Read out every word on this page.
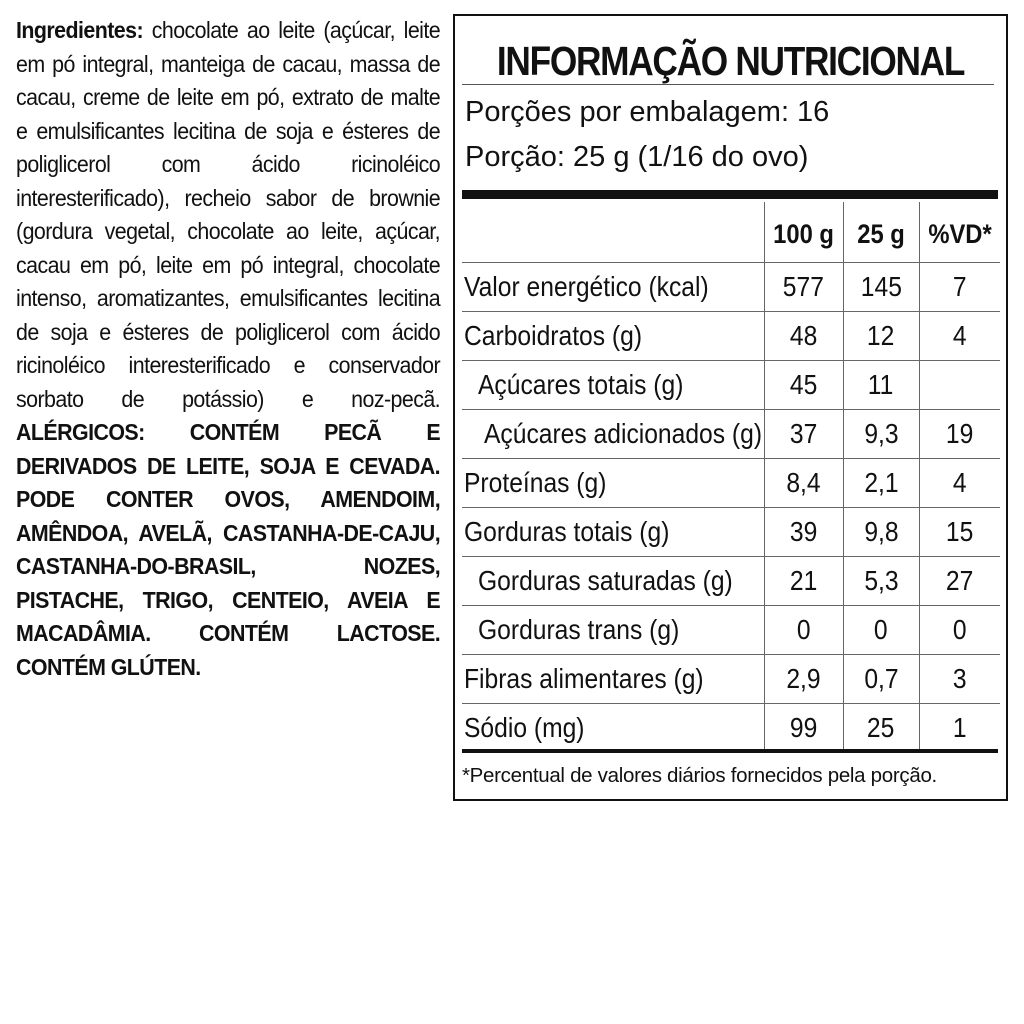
Ingredientes: chocolate ao leite (açúcar, leite em pó integral, manteiga de cacau, massa de cacau, creme de leite em pó, extrato de malte e emulsificantes lecitina de soja e ésteres de poliglicerol com ácido ricinoléico interesterificado), recheio sabor de brownie (gordura vegetal, chocolate ao leite, açúcar, cacau em pó, leite em pó integral, chocolate intenso, aromatizantes, emulsificantes lecitina de soja e ésteres de poliglicerol com ácido ricinoléico interesterificado e conservador sorbato de potássio) e noz-pecã. ALÉRGICOS: CONTÉM PECÃ E DERIVADOS DE LEITE, SOJA E CEVADA. PODE CONTER OVOS, AMENDOIM, AMÊNDOA, AVELÃ, CASTANHA-DE-CAJU, CASTANHA-DO-BRASIL, NOZES, PISTACHE, TRIGO, CENTEIO, AVEIA E MACADÂMIA. CONTÉM LACTOSE. CONTÉM GLÚTEN.
INFORMAÇÃO NUTRICIONAL
Porções por embalagem: 16
Porção: 25 g (1/16 do ovo)
	100 g	25 g	%VD*
Valor energético (kcal)	577	145	7
Carboidratos (g)	48	12	4
Açúcares totais (g)	45	11	
Açúcares adicionados (g)	37	9,3	19
Proteínas (g)	8,4	2,1	4
Gorduras totais (g)	39	9,8	15
Gorduras saturadas (g)	21	5,3	27
Gorduras trans (g)	0	0	0
Fibras alimentares (g)	2,9	0,7	3
Sódio (mg)	99	25	1
*Percentual de valores diários fornecidos pela porção.
